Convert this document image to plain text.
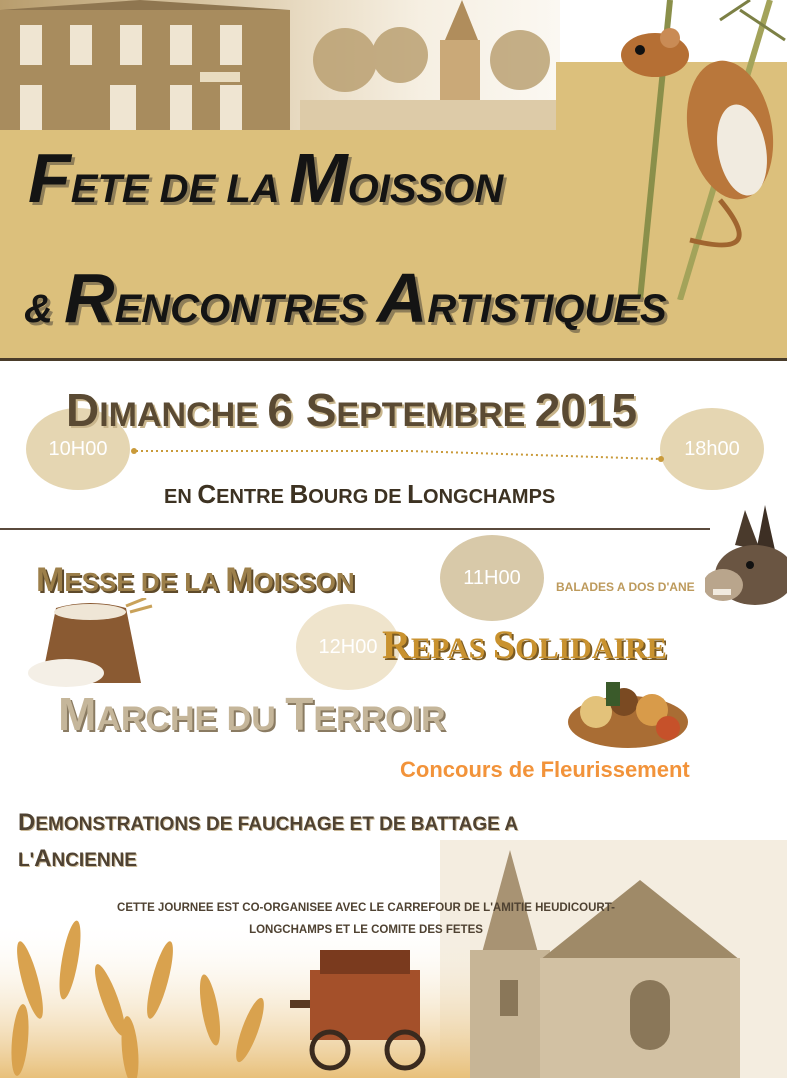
FETE DE LA MOISSON
& RENCONTRES ARTISTIQUES
10H00	18h00
DIMANCHE 6 SEPTEMBRE 2015
EN CENTRE BOURG DE LONGCHAMPS
11H00
MESSE DE LA MOISSON	BALADES A DOS D'ANE
12H00 REPAS SOLIDAIRE
MARCHE DU TERROIR
Concours de Fleurissement
DEMONSTRATIONS DE FAUCHAGE ET DE BATTAGE A
L'ANCIENNE
CETTE JOURNEE EST CO-ORGANISEE AVEC LE CARREFOUR DE L'AMITIE HEUDICOURT-
LONGCHAMPS ET LE COMITE DES FETES
